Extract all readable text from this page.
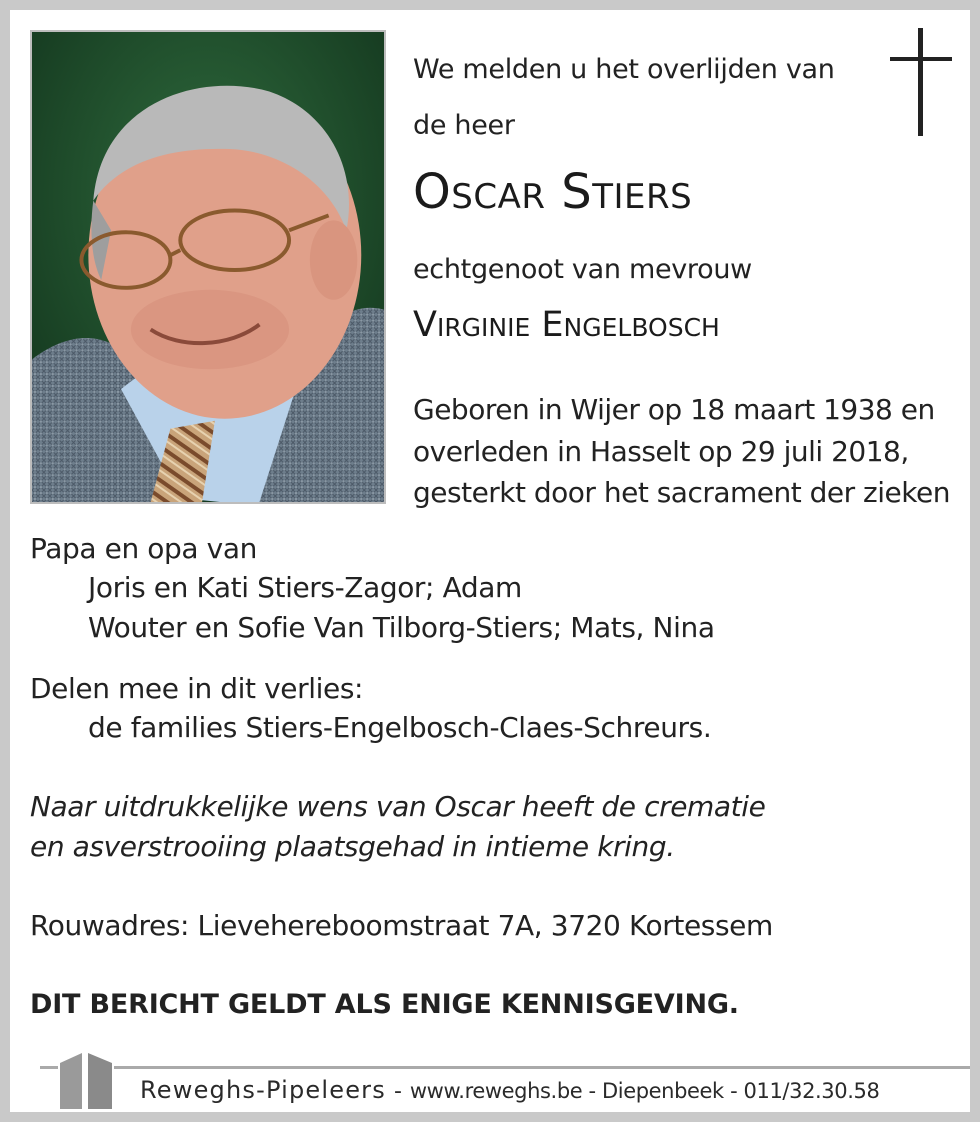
We melden u het overlijden van
de heer
Oscar Stiers
echtgenoot van mevrouw
Virginie Engelbosch
Geboren in Wijer op 18 maart 1938 en
overleden in Hasselt op 29 juli 2018,
gesterkt door het sacrament der zieken
Papa en opa van
Joris en Kati Stiers-Zagor; Adam
Wouter en Sofie Van Tilborg-Stiers; Mats, Nina
Delen mee in dit verlies:
de families Stiers-Engelbosch-Claes-Schreurs.
Naar uitdrukkelijke wens van Oscar heeft de crematie
en asverstrooiing plaatsgehad in intieme kring.
Rouwadres: Lievehereboomstraat 7A, 3720 Kortessem
DIT BERICHT GELDT ALS ENIGE KENNISGEVING.
Reweghs-Pipeleers - www.reweghs.be - Diepenbeek - 011/32.30.58
